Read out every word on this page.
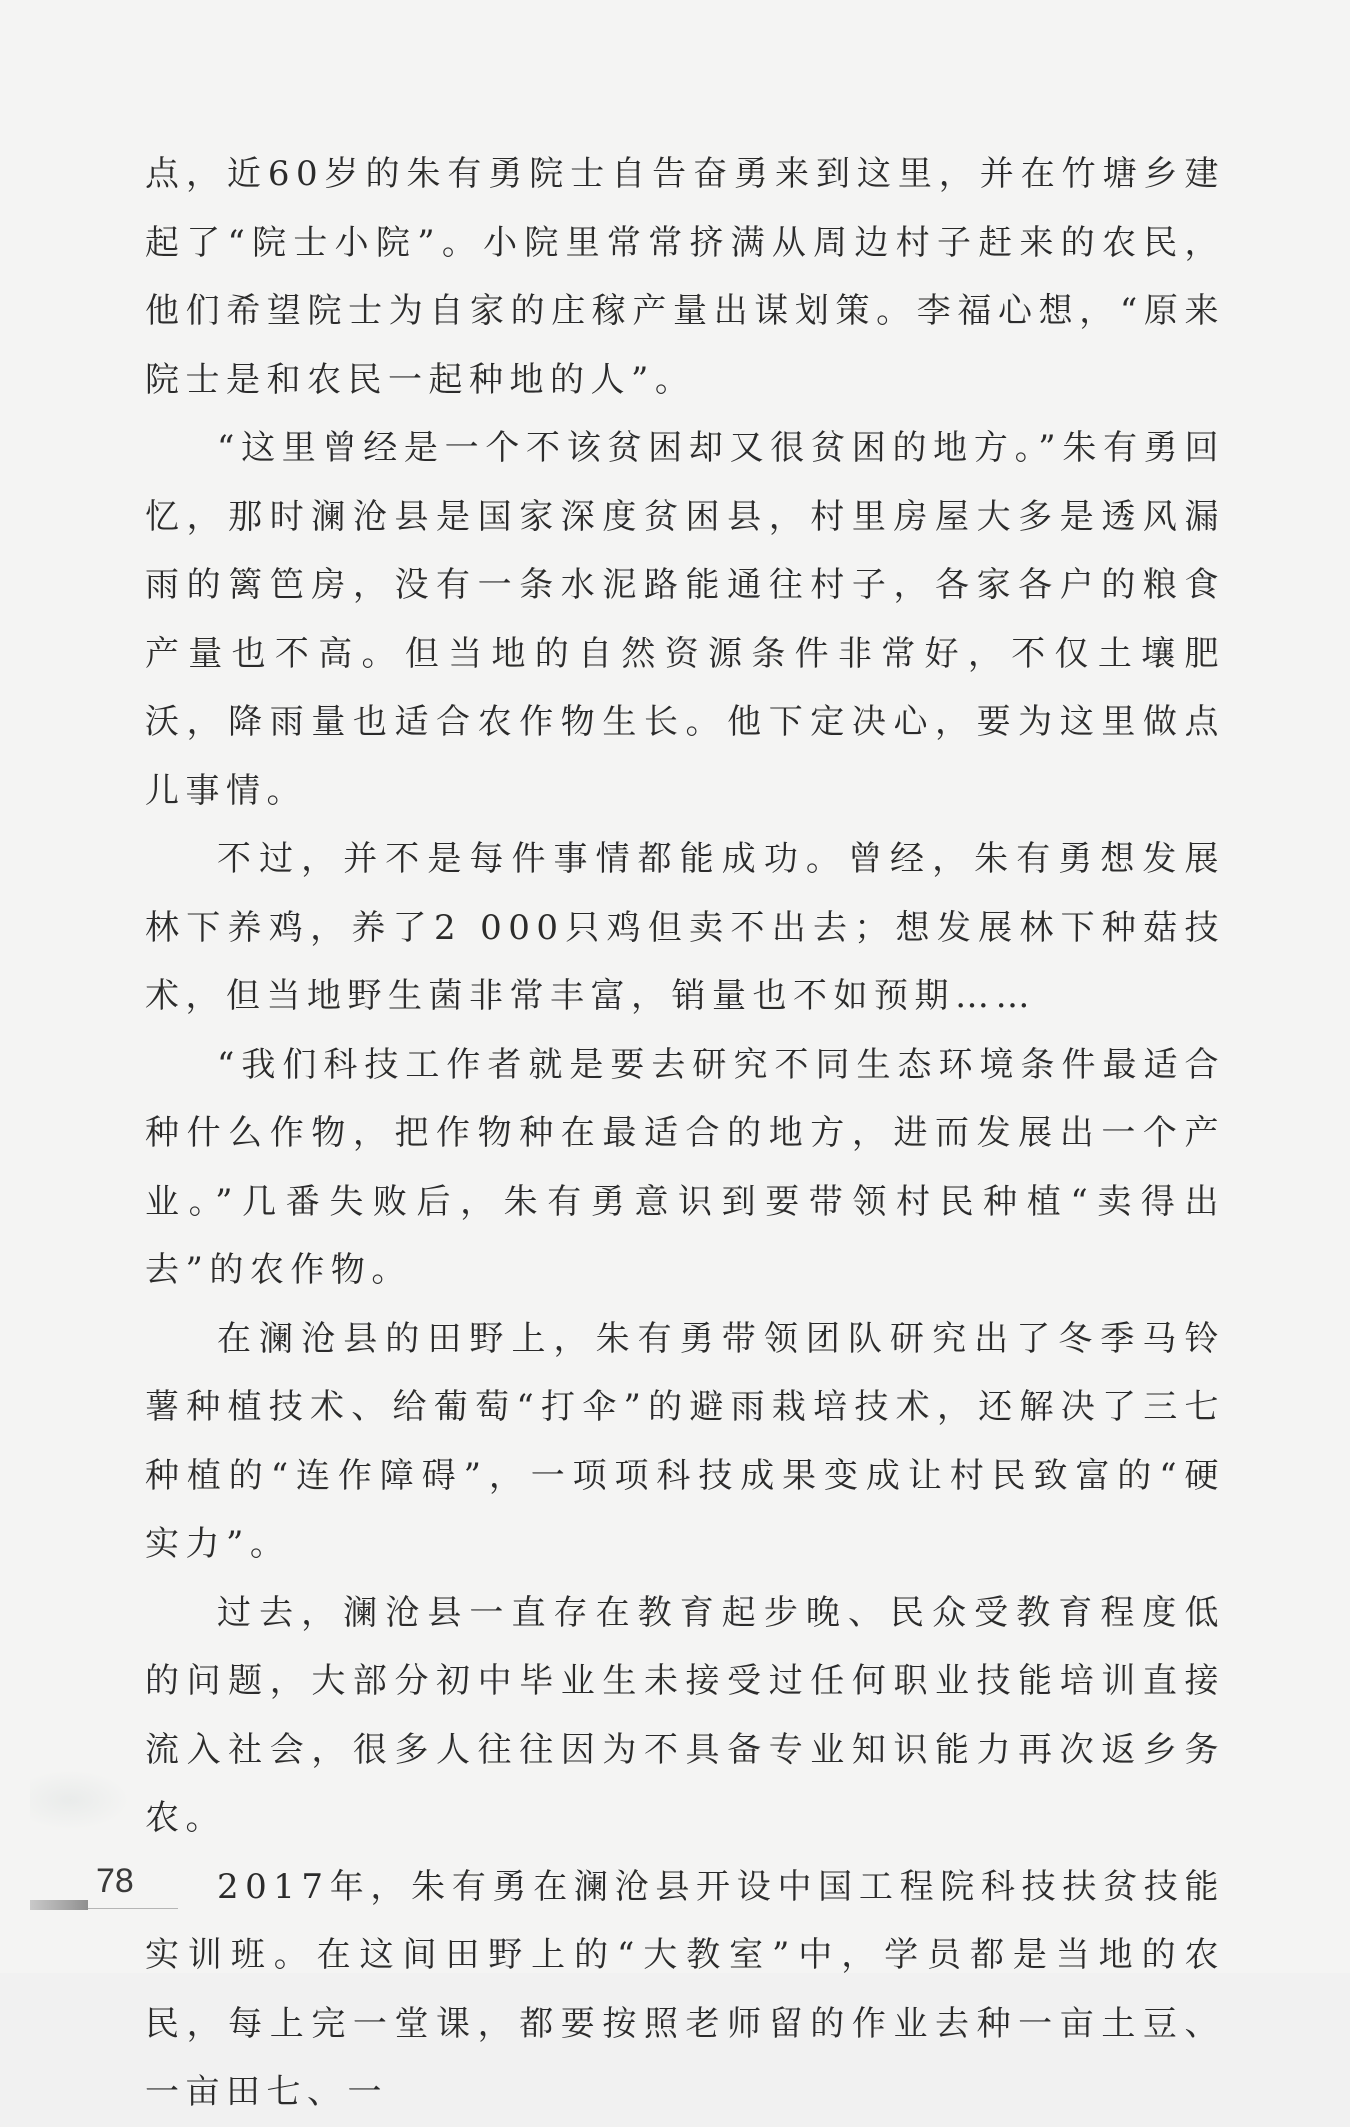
点，近60岁的朱有勇院士自告奋勇来到这里，并在竹塘乡建起了“院士小院”。小院里常常挤满从周边村子赶来的农民，他们希望院士为自家的庄稼产量出谋划策。李福心想，“原来院士是和农民一起种地的人”。

“这里曾经是一个不该贫困却又很贫困的地方。”朱有勇回忆，那时澜沧县是国家深度贫困县，村里房屋大多是透风漏雨的篱笆房，没有一条水泥路能通往村子，各家各户的粮食产量也不高。但当地的自然资源条件非常好，不仅土壤肥沃，降雨量也适合农作物生长。他下定决心，要为这里做点儿事情。

不过，并不是每件事情都能成功。曾经，朱有勇想发展林下养鸡，养了2 000只鸡但卖不出去；想发展林下种菇技术，但当地野生菌非常丰富，销量也不如预期……

“我们科技工作者就是要去研究不同生态环境条件最适合种什么作物，把作物种在最适合的地方，进而发展出一个产业。”几番失败后，朱有勇意识到要带领村民种植“卖得出去”的农作物。

在澜沧县的田野上，朱有勇带领团队研究出了冬季马铃薯种植技术、给葡萄“打伞”的避雨栽培技术，还解决了三七种植的“连作障碍”，一项项科技成果变成让村民致富的“硬实力”。

过去，澜沧县一直存在教育起步晚、民众受教育程度低的问题，大部分初中毕业生未接受过任何职业技能培训直接流入社会，很多人往往因为不具备专业知识能力再次返乡务农。

2017年，朱有勇在澜沧县开设中国工程院科技扶贫技能实训班。在这间田野上的“大教室”中，学员都是当地的农民，每上完一堂课，都要按照老师留的作业去种一亩土豆、一亩田七、一

78
